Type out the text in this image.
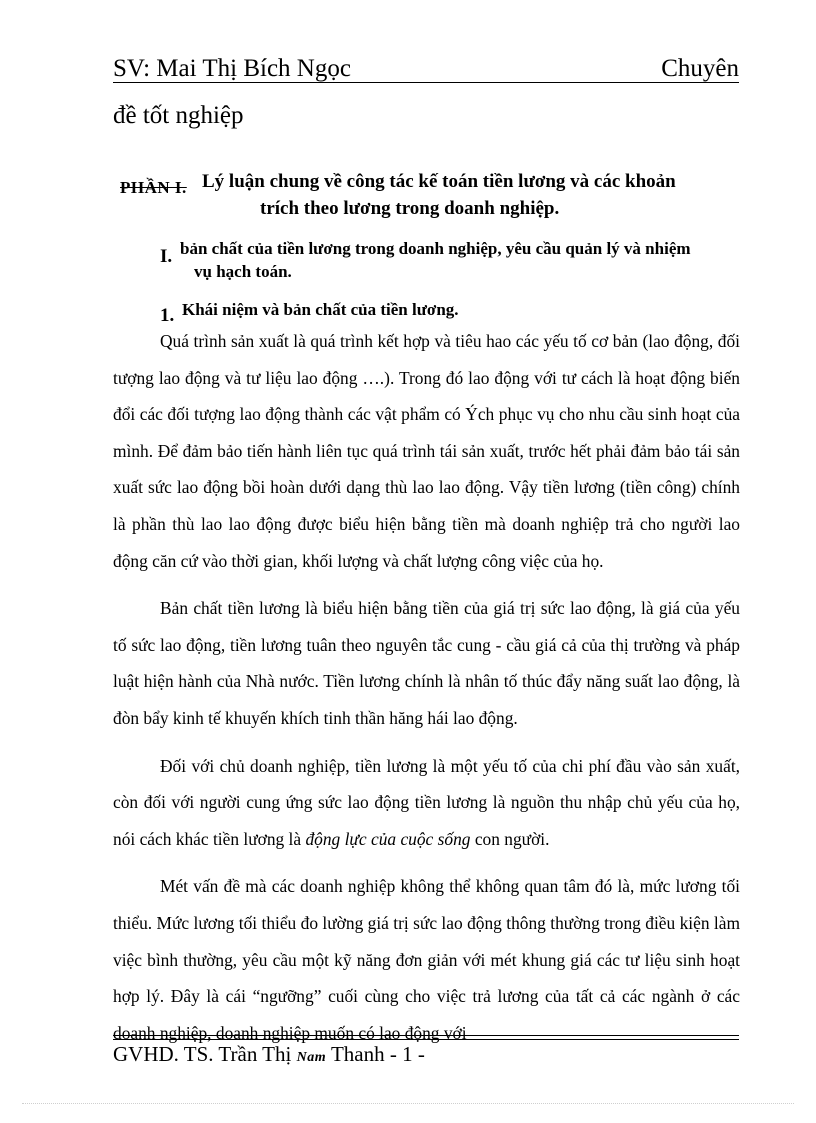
SV: Mai Thị Bích Ngọc	Chuyên
đề tốt nghiệp
PHẦN I. Lý luận chung về công tác kế toán tiền lương và các khoản
trích theo lương trong doanh nghiệp.
I. bản chất của tiền lương trong doanh nghiệp, yêu cầu quản lý và nhiệm
vụ hạch toán.
1. Khái niệm và bản chất của tiền lương.

Quá trình sản xuất là quá trình kết hợp và tiêu hao các yếu tố cơ bản (lao động, đối tượng lao động và tư liệu lao động ….). Trong đó lao động với tư cách là hoạt động biến đổi các đối tượng lao động thành các vật phẩm có Ých phục vụ cho nhu cầu sinh hoạt của mình. Để đảm bảo tiến hành liên tục quá trình tái sản xuất, trước hết phải đảm bảo tái sản xuất sức lao động bồi hoàn dưới dạng thù lao lao động. Vậy tiền lương (tiền công) chính là phần thù lao lao động được biểu hiện bằng tiền mà doanh nghiệp trả cho người lao động căn cứ vào thời gian, khối lượng và chất lượng công việc của họ.

Bản chất tiền lương là biểu hiện bằng tiền của giá trị sức lao động, là giá của yếu tố sức lao động, tiền lương tuân theo nguyên tắc cung - cầu giá cả của thị trường và pháp luật hiện hành của Nhà nước. Tiền lương chính là nhân tố thúc đẩy năng suất lao động, là đòn bẩy kinh tế khuyến khích tinh thần hăng hái lao động.

Đối với chủ doanh nghiệp, tiền lương là một yếu tố của chi phí đầu vào sản xuất, còn đối với người cung ứng sức lao động tiền lương là nguồn thu nhập chủ yếu của họ, nói cách khác tiền lương là động lực của cuộc sống con người.

Mét vấn đề mà các doanh nghiệp không thể không quan tâm đó là, mức lương tối thiểu. Mức lương tối thiểu đo lường giá trị sức lao động thông thường trong điều kiện làm việc bình thường, yêu cầu một kỹ năng đơn giản với mét khung giá các tư liệu sinh hoạt hợp lý. Đây là cái “ngưỡng” cuối cùng cho việc trả lương của tất cả các ngành ở các doanh nghiệp, doanh nghiệp muốn có lao động với

GVHD. TS. Trần Thị Nam Thanh - 1 -
